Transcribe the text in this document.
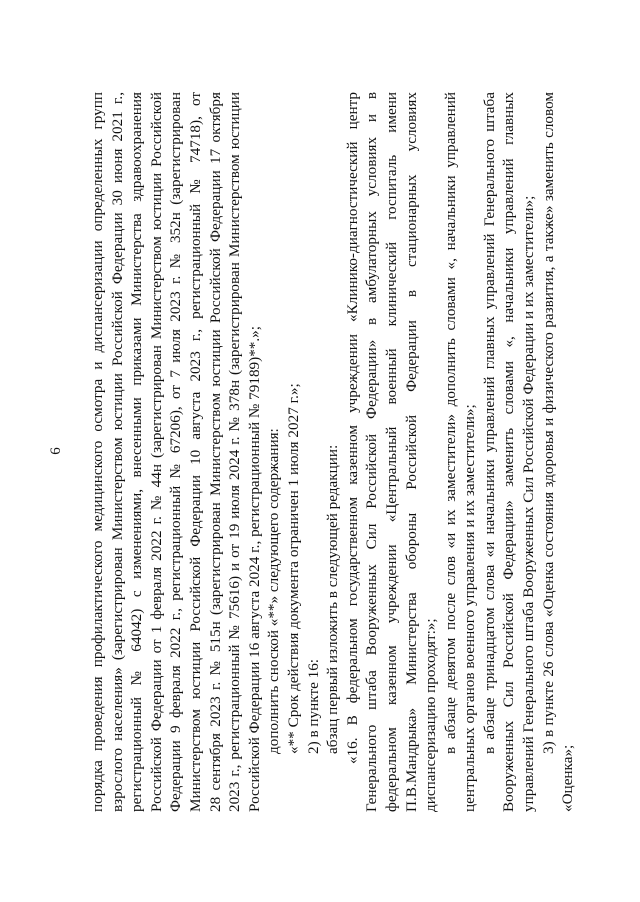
6 порядка проведения профилактического медицинского осмотра и диспансеризации определенных групп взрослого населения» (зарегистрирован Министерством юстиции Российской Федерации 30 июня 2021 г., регистрационный № 64042) с изменениями, внесенными приказами Министерства здравоохранения Российской Федерации от 1 февраля 2022 г. № 44н (зарегистрирован Министерством юстиции Российской Федерации 9 февраля 2022 г., регистрационный № 67206), от 7 июля 2023 г. № 352н (зарегистрирован Министерством юстиции Российской Федерации 10 августа 2023 г., регистрационный № 74718), от 28 сентября 2023 г. № 515н (зарегистрирован Министерством юстиции Российской Федерации 17 октября 2023 г., регистрационный № 75616) и от 19 июля 2024 г. № 378н (зарегистрирован Министерством юстиции Российской Федерации 16 августа 2024 г., регистрационный № 79189)**.»; дополнить сноской «**» следующего содержания: «** Срок действия документа ограничен 1 июля 2027 г.»; 2) в пункте 16: абзац первый изложить в следующей редакции: «16. В федеральном государственном казенном учреждении «Клинико-диагностический центр Генерального штаба Вооруженных Сил Российской Федерации» в амбулаторных условиях и в федеральном казенном учреждении «Центральный военный клинический госпиталь имени П.В.Мандрыка» Министерства обороны Российской Федерации в стационарных условиях диспансеризацию проходят:»; в абзаце девятом после слов «и их заместители» дополнить словами «, начальники управлений центральных органов военного управления и их заместители»; в абзаце тринадцатом слова «и начальники управлений главных управлений Генерального штаба Вооруженных Сил Российской Федерации» заменить словами «, начальники управлений главных управлений Генерального штаба Вооруженных Сил Российской Федерации и их заместители»; 3) в пункте 26 слова «Оценка состояния здоровья и физического развития, а также» заменить словом
«Оценка»;
